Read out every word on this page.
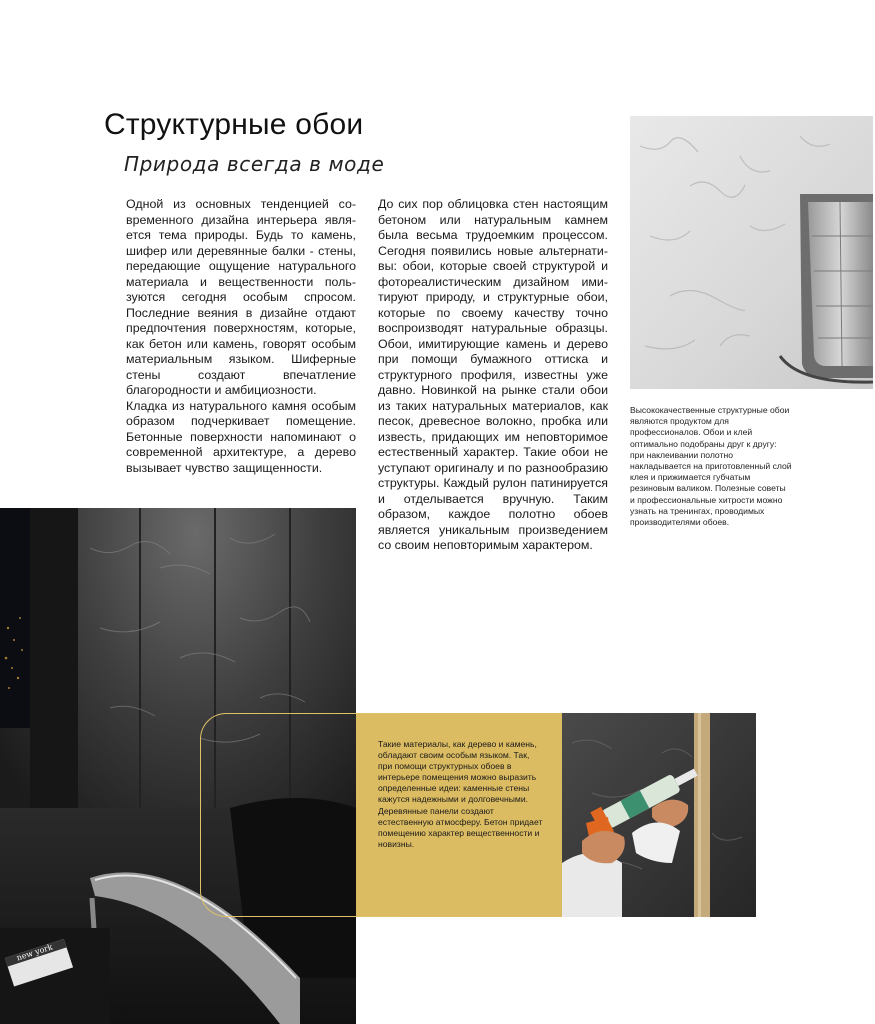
Структурные обои
Природа всегда в моде

Одной из основных тенденцией современного дизайна интерьера является тема природы. Будь то камень, шифер или деревянные балки - стены, передающие ощущение натурального материала и вещественности пользуются сегодня особым спросом. Последние веяния в дизайне отдают предпочтения поверхностям, которые, как бетон или камень, говорят особым материальным языком. Шиферные стены создают впечатление благородности и амбициозности.

Кладка из натурального камня особым образом подчеркивает помещение. Бетонные поверхности напоминают о современной архитектуре, а дерево вызывает чувство защищенности.

До сих пор облицовка стен настоящим бетоном или натуральным камнем была весьма трудоемким процессом. Сегодня появились новые альтернативы: обои, которые своей структурой и фотореалистическим дизайном имитируют природу, и структурные обои, которые по своему качеству точно воспроизводят натуральные образцы. Обои, имитирующие камень и дерево при помощи бумажного оттиска и структурного профиля, известны уже давно. Новинкой на рынке стали обои из таких натуральных материалов, как песок, древесное волокно, пробка или известь, придающих им неповторимое естественный характер. Такие обои не уступают оригиналу и по разнообразию структуры. Каждый рулон патинируется и отделывается вручную. Таким образом, каждое полотно обоев является уникальным произведением со своим неповторимым характером.

Высококачественные структурные обои являются продуктом для профессионалов. Обои и клей оптимально подобраны друг к другу: при наклеивании полотно накладывается на приготовленный слой клея и прижимается губчатым резиновым валиком. Полезные советы и профессиональные хитрости можно узнать на тренингах, проводимых производителями обоев.

new york

Такие материалы, как дерево и камень, обладают своим особым языком. Так, при помощи структурных обоев в интерьере помещения можно выразить определенные идеи: каменные стены кажутся надежными и долговечными. Деревянные панели создают естественную атмосферу. Бетон придает помещению характер вещественности и новизны.
